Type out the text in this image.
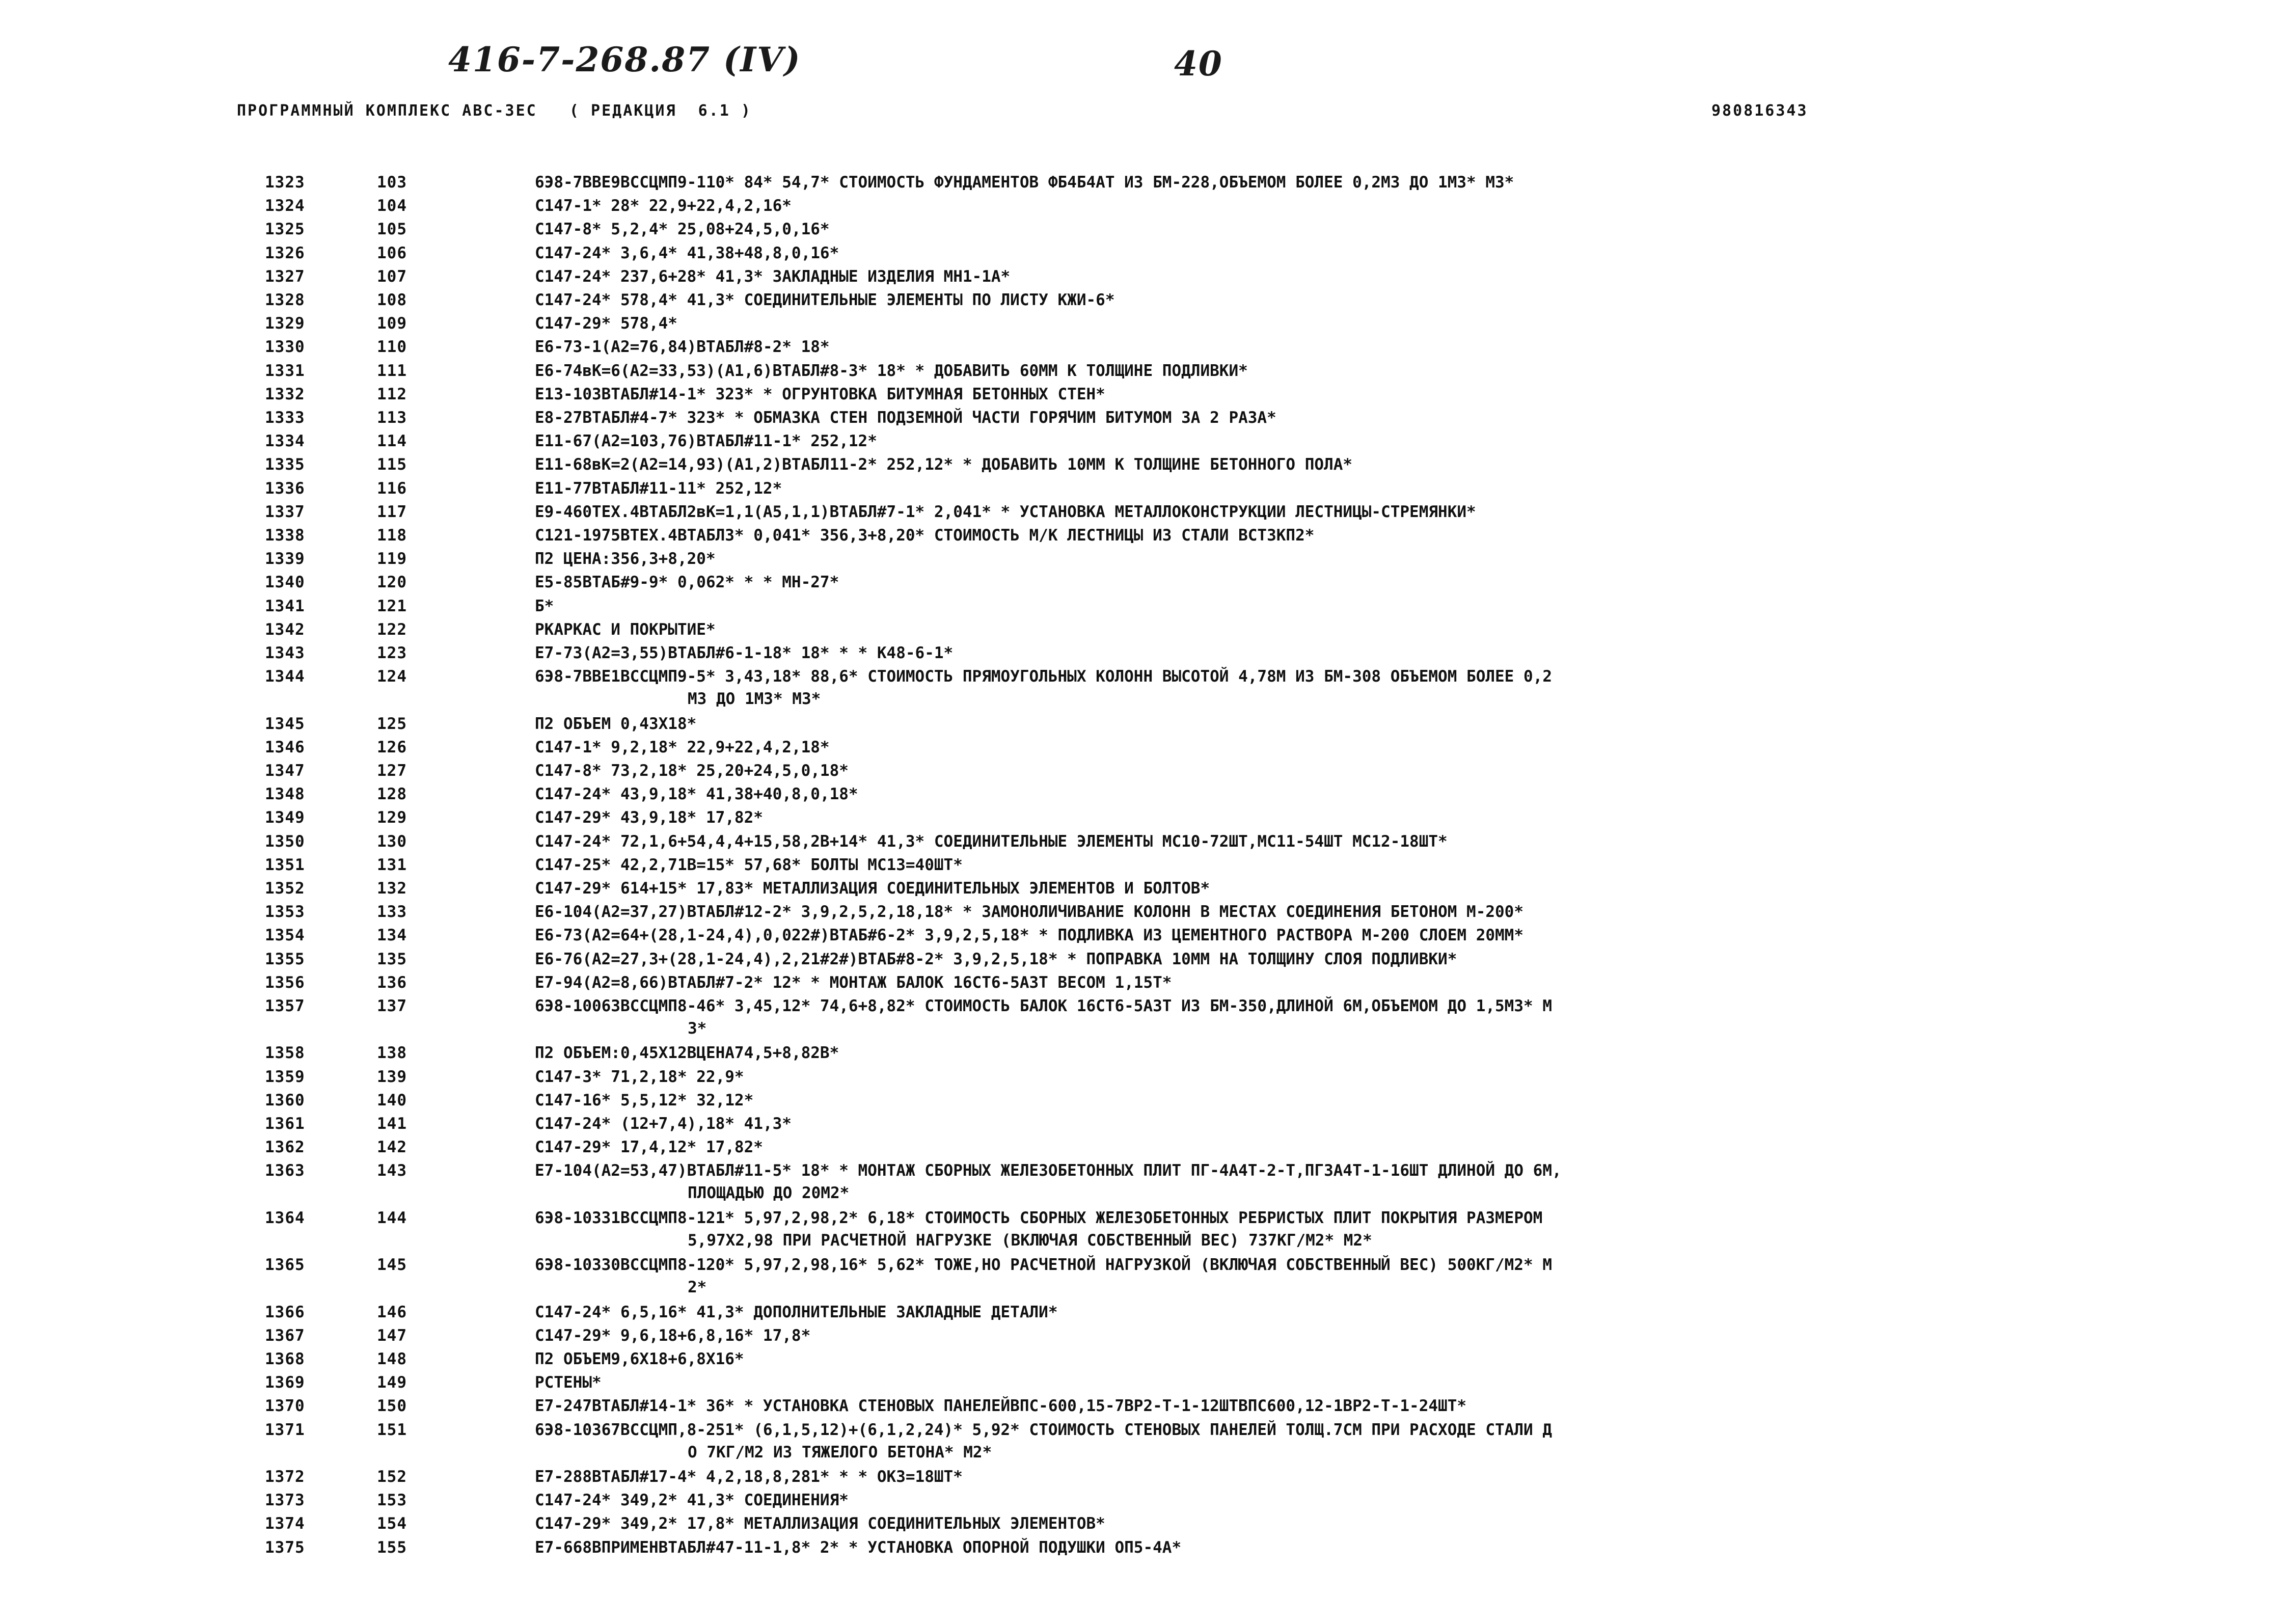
416-7-268.87 (IV)	40
ПРОГРАММНЫЙ КОМПЛЕКС АВС-3ЕС   ( РЕДАКЦИЯ  6.1 )	980816343
1323	103	6Э8-7ВВЕ9ВССЦМП9-110* 84* 54,7* СТОИМОСТЬ ФУНДАМЕНТОВ ФБ4Б4АТ ИЗ БМ-228,ОБЪЕМОМ БОЛЕЕ 0,2М3 ДО 1М3* М3*
1324	104	С147-1* 28* 22,9+22,4,2,16*
1325	105	С147-8* 5,2,4* 25,08+24,5,0,16*
1326	106	С147-24* 3,6,4* 41,38+48,8,0,16*
1327	107	С147-24* 237,6+28* 41,3* ЗАКЛАДНЫЕ ИЗДЕЛИЯ МН1-1А*
1328	108	С147-24* 578,4* 41,3* СОЕДИНИТЕЛЬНЫЕ ЭЛЕМЕНТЫ ПО ЛИСТУ КЖИ-6*
1329	109	С147-29* 578,4*
1330	110	Е6-73-1(А2=76,84)ВТАБЛ#8-2* 18*
1331	111	Е6-74вК=6(А2=33,53)(А1,6)ВТАБЛ#8-3* 18* * ДОБАВИТЬ 60ММ К ТОЛЩИНЕ ПОДЛИВКИ*
1332	112	Е13-103ВТАБЛ#14-1* 323* * ОГРУНТОВКА БИТУМНАЯ БЕТОННЫХ СТЕН*
1333	113	Е8-27ВТАБЛ#4-7* 323* * ОБМАЗКА СТЕН ПОДЗЕМНОЙ ЧАСТИ ГОРЯЧИМ БИТУМОМ ЗА 2 РАЗА*
1334	114	Е11-67(А2=103,76)ВТАБЛ#11-1* 252,12*
1335	115	Е11-68вК=2(А2=14,93)(А1,2)ВТАБЛ11-2* 252,12* * ДОБАВИТЬ 10ММ К ТОЛЩИНЕ БЕТОННОГО ПОЛА*
1336	116	Е11-77ВТАБЛ#11-11* 252,12*
1337	117	Е9-460ТЕХ.4ВТАБЛ2вК=1,1(А5,1,1)ВТАБЛ#7-1* 2,041* * УСТАНОВКА МЕТАЛЛОКОНСТРУКЦИИ ЛЕСТНИЦЫ-СТРЕМЯНКИ*
1338	118	С121-1975ВТЕХ.4ВТАБЛ3* 0,041* 356,3+8,20* СТОИМОСТЬ М/К ЛЕСТНИЦЫ ИЗ СТАЛИ ВСТ3КП2*
1339	119	П2 ЦЕНА:356,3+8,20*
1340	120	Е5-85ВТАБ#9-9* 0,062* * * МН-27*
1341	121	Б*
1342	122	РКАРКАС И ПОКРЫТИЕ*
1343	123	Е7-73(А2=3,55)ВТАБЛ#6-1-18* 18* * * К48-6-1*
1344	124	6Э8-7ВВЕ1ВССЦМП9-5* 3,43,18* 88,6* СТОИМОСТЬ ПРЯМОУГОЛЬНЫХ КОЛОНН ВЫСОТОЙ 4,78М ИЗ БМ-308 ОБЪЕМОМ БОЛЕЕ 0,2
М3 ДО 1М3* М3*
1345	125	П2 ОБЪЕМ 0,43Х18*
1346	126	С147-1* 9,2,18* 22,9+22,4,2,18*
1347	127	С147-8* 73,2,18* 25,20+24,5,0,18*
1348	128	С147-24* 43,9,18* 41,38+40,8,0,18*
1349	129	С147-29* 43,9,18* 17,82*
1350	130	С147-24* 72,1,6+54,4,4+15,58,2В+14* 41,3* СОЕДИНИТЕЛЬНЫЕ ЭЛЕМЕНТЫ МС10-72ШТ,МС11-54ШТ МС12-18ШТ*
1351	131	С147-25* 42,2,71В=15* 57,68* БОЛТЫ МС13=40ШТ*
1352	132	С147-29* 614+15* 17,83* МЕТАЛЛИЗАЦИЯ СОЕДИНИТЕЛЬНЫХ ЭЛЕМЕНТОВ И БОЛТОВ*
1353	133	Е6-104(А2=37,27)ВТАБЛ#12-2* 3,9,2,5,2,18,18* * ЗАМОНОЛИЧИВАНИЕ КОЛОНН В МЕСТАХ СОЕДИНЕНИЯ БЕТОНОМ М-200*
1354	134	Е6-73(А2=64+(28,1-24,4),0,022#)ВТАБ#6-2* 3,9,2,5,18* * ПОДЛИВКА ИЗ ЦЕМЕНТНОГО РАСТВОРА М-200 СЛОЕМ 20ММ*
1355	135	Е6-76(А2=27,3+(28,1-24,4),2,21#2#)ВТАБ#8-2* 3,9,2,5,18* * ПОПРАВКА 10ММ НА ТОЛЩИНУ СЛОЯ ПОДЛИВКИ*
1356	136	Е7-94(А2=8,66)ВТАБЛ#7-2* 12* * МОНТАЖ БАЛОК 16СТ6-5А3Т ВЕСОМ 1,15Т*
1357	137	6Э8-10063ВССЦМП8-46* 3,45,12* 74,6+8,82* СТОИМОСТЬ БАЛОК 16СТ6-5А3Т ИЗ БМ-350,ДЛИНОЙ 6М,ОБЪЕМОМ ДО 1,5М3* М
3*
1358	138	П2 ОБЪЕМ:0,45Х12ВЦЕНА74,5+8,82В*
1359	139	С147-3* 71,2,18* 22,9*
1360	140	С147-16* 5,5,12* 32,12*
1361	141	С147-24* (12+7,4),18* 41,3*
1362	142	С147-29* 17,4,12* 17,82*
1363	143	Е7-104(А2=53,47)ВТАБЛ#11-5* 18* * МОНТАЖ СБОРНЫХ ЖЕЛЕЗОБЕТОННЫХ ПЛИТ ПГ-4А4Т-2-Т,ПГ3А4Т-1-16ШТ ДЛИНОЙ ДО 6М,
ПЛОЩАДЬЮ ДО 20М2*
1364	144	6Э8-10331ВССЦМП8-121* 5,97,2,98,2* 6,18* СТОИМОСТЬ СБОРНЫХ ЖЕЛЕЗОБЕТОННЫХ РЕБРИСТЫХ ПЛИТ ПОКРЫТИЯ РАЗМЕРОМ
5,97Х2,98 ПРИ РАСЧЕТНОЙ НАГРУЗКЕ (ВКЛЮЧАЯ СОБСТВЕННЫЙ ВЕС) 737КГ/М2* М2*
1365	145	6Э8-10330ВССЦМП8-120* 5,97,2,98,16* 5,62* ТОЖЕ,НО РАСЧЕТНОЙ НАГРУЗКОЙ (ВКЛЮЧАЯ СОБСТВЕННЫЙ ВЕС) 500КГ/М2* М
2*
1366	146	С147-24* 6,5,16* 41,3* ДОПОЛНИТЕЛЬНЫЕ ЗАКЛАДНЫЕ ДЕТАЛИ*
1367	147	С147-29* 9,6,18+6,8,16* 17,8*
1368	148	П2 ОБЪЕМ9,6Х18+6,8Х16*
1369	149	РСТЕНЫ*
1370	150	Е7-247ВТАБЛ#14-1* 36* * УСТАНОВКА СТЕНОВЫХ ПАНЕЛЕЙВПС-600,15-7ВР2-Т-1-12ШТВПС600,12-1ВР2-Т-1-24ШТ*
1371	151	6Э8-10367ВССЦМП,8-251* (6,1,5,12)+(6,1,2,24)* 5,92* СТОИМОСТЬ СТЕНОВЫХ ПАНЕЛЕЙ ТОЛЩ.7СМ ПРИ РАСХОДЕ СТАЛИ Д
О 7КГ/М2 ИЗ ТЯЖЕЛОГО БЕТОНА* М2*
1372	152	Е7-288ВТАБЛ#17-4* 4,2,18,8,281* * * ОКЗ=18ШТ*
1373	153	С147-24* 349,2* 41,3* СОЕДИНЕНИЯ*
1374	154	С147-29* 349,2* 17,8* МЕТАЛЛИЗАЦИЯ СОЕДИНИТЕЛЬНЫХ ЭЛЕМЕНТОВ*
1375	155	Е7-668ВПРИМЕНВТАБЛ#47-11-1,8* 2* * УСТАНОВКА ОПОРНОЙ ПОДУШКИ ОП5-4А*
